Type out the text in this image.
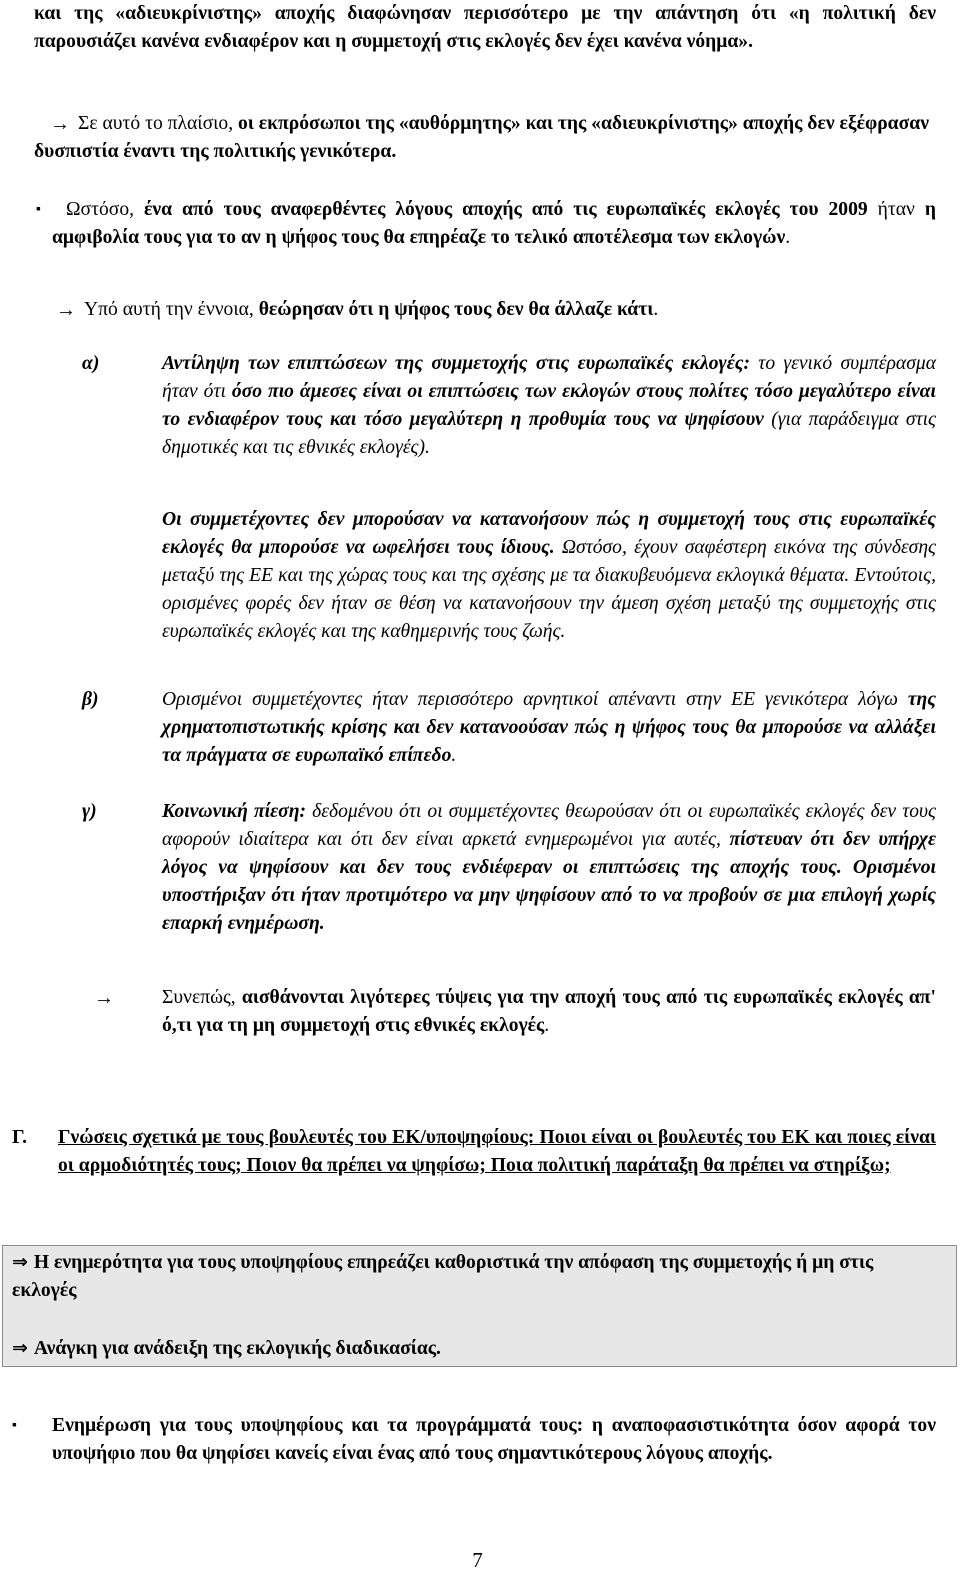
και της «αδιευκρίνιστης» αποχής διαφώνησαν περισσότερο με την απάντηση ότι «η πολιτική δεν παρουσιάζει κανένα ενδιαφέρον και η συμμετοχή στις εκλογές δεν έχει κανένα νόημα».

→ Σε αυτό το πλαίσιο, οι εκπρόσωποι της «αυθόρμητης» και της «αδιευκρίνιστης» αποχής δεν εξέφρασαν δυσπιστία έναντι της πολιτικής γενικότερα.

▪	Ωστόσο, ένα από τους αναφερθέντες λόγους αποχής από τις ευρωπαϊκές εκλογές του 2009 ήταν η αμφιβολία τους για το αν η ψήφος τους θα επηρέαζε το τελικό αποτέλεσμα των εκλογών.

→ Υπό αυτή την έννοια, θεώρησαν ότι η ψήφος τους δεν θα άλλαζε κάτι.

α)	Αντίληψη των επιπτώσεων της συμμετοχής στις ευρωπαϊκές εκλογές: το γενικό συμπέρασμα ήταν ότι όσο πιο άμεσες είναι οι επιπτώσεις των εκλογών στους πολίτες τόσο μεγαλύτερο είναι το ενδιαφέρον τους και τόσο μεγαλύτερη η προθυμία τους να ψηφίσουν (για παράδειγμα στις δημοτικές και τις εθνικές εκλογές).

Οι συμμετέχοντες δεν μπορούσαν να κατανοήσουν πώς η συμμετοχή τους στις ευρωπαϊκές εκλογές θα μπορούσε να ωφελήσει τους ίδιους. Ωστόσο, έχουν σαφέστερη εικόνα της σύνδεσης μεταξύ της ΕΕ και της χώρας τους και της σχέσης με τα διακυβευόμενα εκλογικά θέματα. Εντούτοις, ορισμένες φορές δεν ήταν σε θέση να κατανοήσουν την άμεση σχέση μεταξύ της συμμετοχής στις ευρωπαϊκές εκλογές και της καθημερινής τους ζωής.

β)	Ορισμένοι συμμετέχοντες ήταν περισσότερο αρνητικοί απέναντι στην ΕΕ γενικότερα λόγω της χρηματοπιστωτικής κρίσης και δεν κατανοούσαν πώς η ψήφος τους θα μπορούσε να αλλάξει τα πράγματα σε ευρωπαϊκό επίπεδο.

γ)	Κοινωνική πίεση: δεδομένου ότι οι συμμετέχοντες θεωρούσαν ότι οι ευρωπαϊκές εκλογές δεν τους αφορούν ιδιαίτερα και ότι δεν είναι αρκετά ενημερωμένοι για αυτές, πίστευαν ότι δεν υπήρχε λόγος να ψηφίσουν και δεν τους ενδιέφεραν οι επιπτώσεις της αποχής τους. Ορισμένοι υποστήριξαν ότι ήταν προτιμότερο να μην ψηφίσουν από το να προβούν σε μια επιλογή χωρίς επαρκή ενημέρωση.

→ Συνεπώς, αισθάνονται λιγότερες τύψεις για την αποχή τους από τις ευρωπαϊκές εκλογές απ' ό,τι για τη μη συμμετοχή στις εθνικές εκλογές.

Γ. Γνώσεις σχετικά με τους βουλευτές του ΕΚ/υποψηφίους: Ποιοι είναι οι βουλευτές του ΕΚ και ποιες είναι οι αρμοδιότητές τους; Ποιον θα πρέπει να ψηφίσω; Ποια πολιτική παράταξη θα πρέπει να στηρίξω;

⇒ Η ενημερότητα για τους υποψηφίους επηρεάζει καθοριστικά την απόφαση της συμμετοχής ή μη στις εκλογές

⇒ Ανάγκη για ανάδειξη της εκλογικής διαδικασίας.

▪ Ενημέρωση για τους υποψηφίους και τα προγράμματά τους: η αναποφασιστικότητα όσον αφορά τον υποψήφιο που θα ψηφίσει κανείς είναι ένας από τους σημαντικότερους λόγους αποχής.

7
